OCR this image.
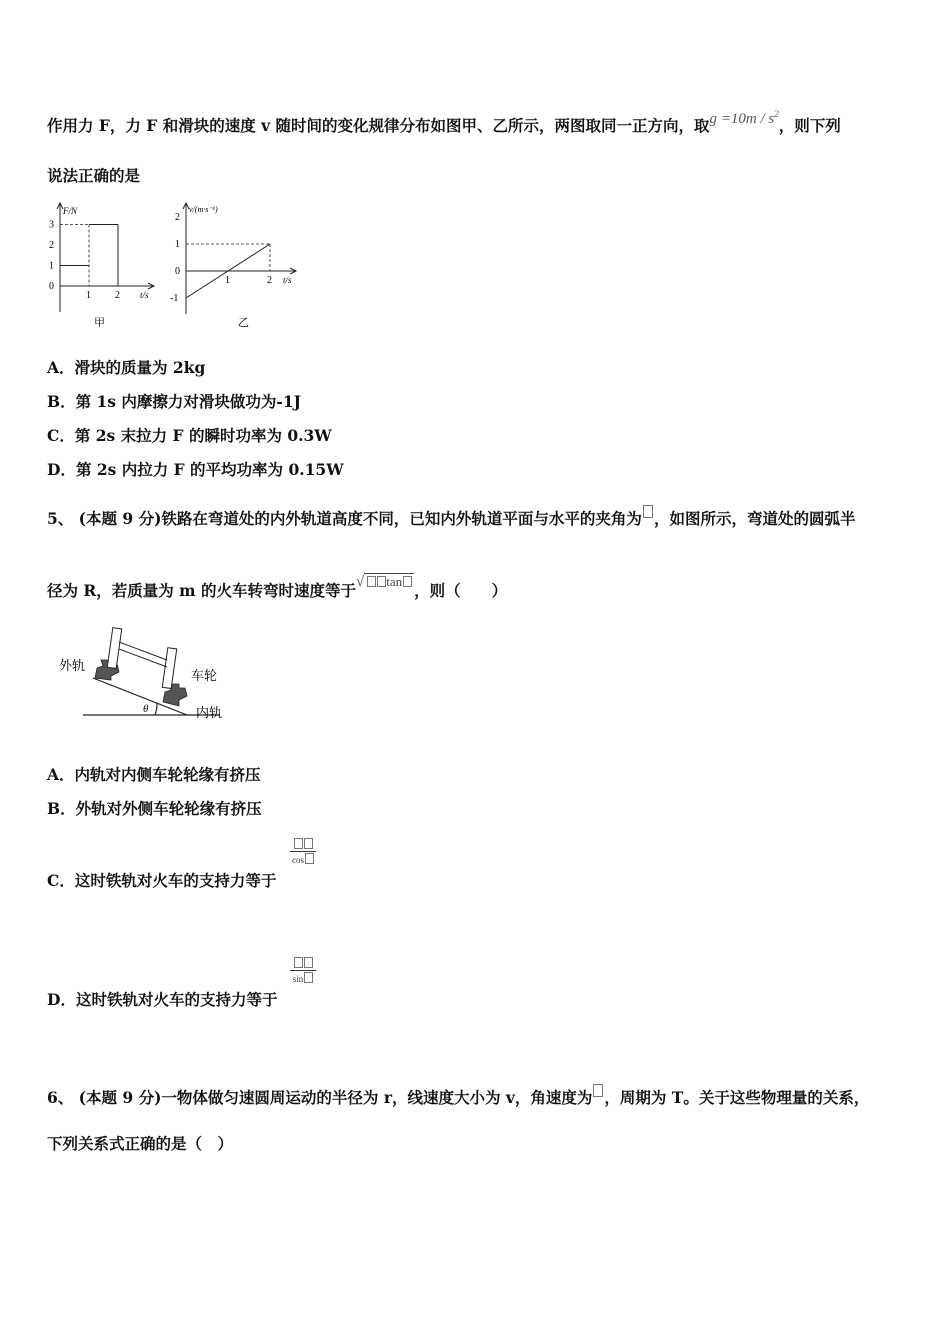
作用力 F，力 F 和滑块的速度 v 随时间的变化规律分布如图甲、乙所示，两图取同一正方向，取$g =10m / s^2$，则下列
说法正确的是
0
1
2
3
1 2
F/N
t/s
甲
-1
0
1
2
1	2
v/(m·s⁻¹)
t/s
乙
A．滑块的质量为 2kg
B．第 1s 内摩擦力对滑块做功为-1J
C．第 2s 末拉力 F 的瞬时功率为 0.3W
D．第 2s 内拉力 F 的平均功率为 0.15W
5、 (本题 9 分)铁路在弯道处的内外轨道高度不同，已知内外轨道平面与水平的夹角为 ，如图所示，弯道处的圆弧半
径为 R，若质量为 m 的火车转弯时速度等于√ tan ，则（　　）
外轨
车轮
内轨
θ
A．内轨对内侧车轮轮缘有挤压
B．外轨对外侧车轮轮缘有挤压
cos
C．这时铁轨对火车的支持力等于
sin
D．这时铁轨对火车的支持力等于
6、 (本题 9 分)一物体做匀速圆周运动的半径为 r，线速度大小为 v，角速度为 ，周期为 T。关于这些物理量的关系，
下列关系式正确的是（　）
